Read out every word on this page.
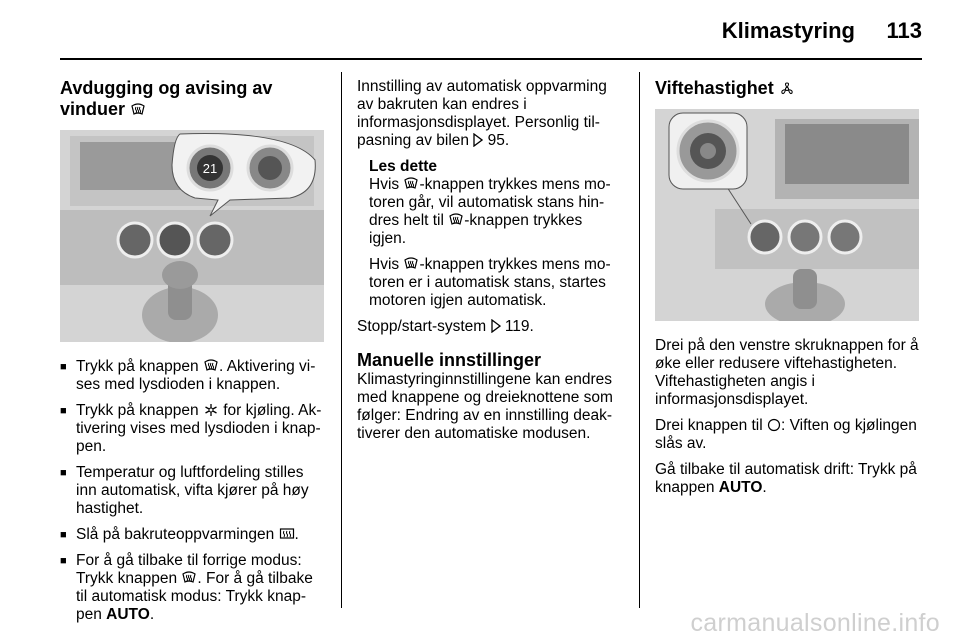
Klimastyring 113
Avdugging og avising av
vinduer
21
■ Trykk på knappen . Aktivering vises med lysdioden i knappen.
■ Trykk på knappen  for kjøling. Aktivering vises med lysdioden i knappen.
■ Temperatur og luftfordeling stilles inn automatisk, vifta kjører på høy hastighet.
■ Slå på bakruteoppvarmingen .
■ For å gå tilbake til forrige modus: Trykk knappen . For å gå tilbake til automatisk modus: Trykk knappen AUTO.

Innstilling av automatisk oppvarming av bakruten kan endres i informasjonsdisplayet. Personlig tilpasning av bilen  95.

Les dette

Hvis -knappen trykkes mens motoren går, vil automatisk stans hindres helt til -knappen trykkes igjen.

Hvis -knappen trykkes mens motoren er i automatisk stans, startes motoren igjen automatisk.

Stopp/start-system  119.

Manuelle innstillinger

Klimastyringinnstillingene kan endres med knappene og dreieknottene som følger: Endring av en innstilling deaktiverer den automatiske modusen.

Viftehastighet

Drei på den venstre skruknappen for å øke eller redusere viftehastigheten. Viftehastigheten angis i informasjonsdisplayet.

Drei knappen til : Viften og kjølingen slås av.

Gå tilbake til automatisk drift: Trykk på knappen AUTO.

carmanualsonline.info
